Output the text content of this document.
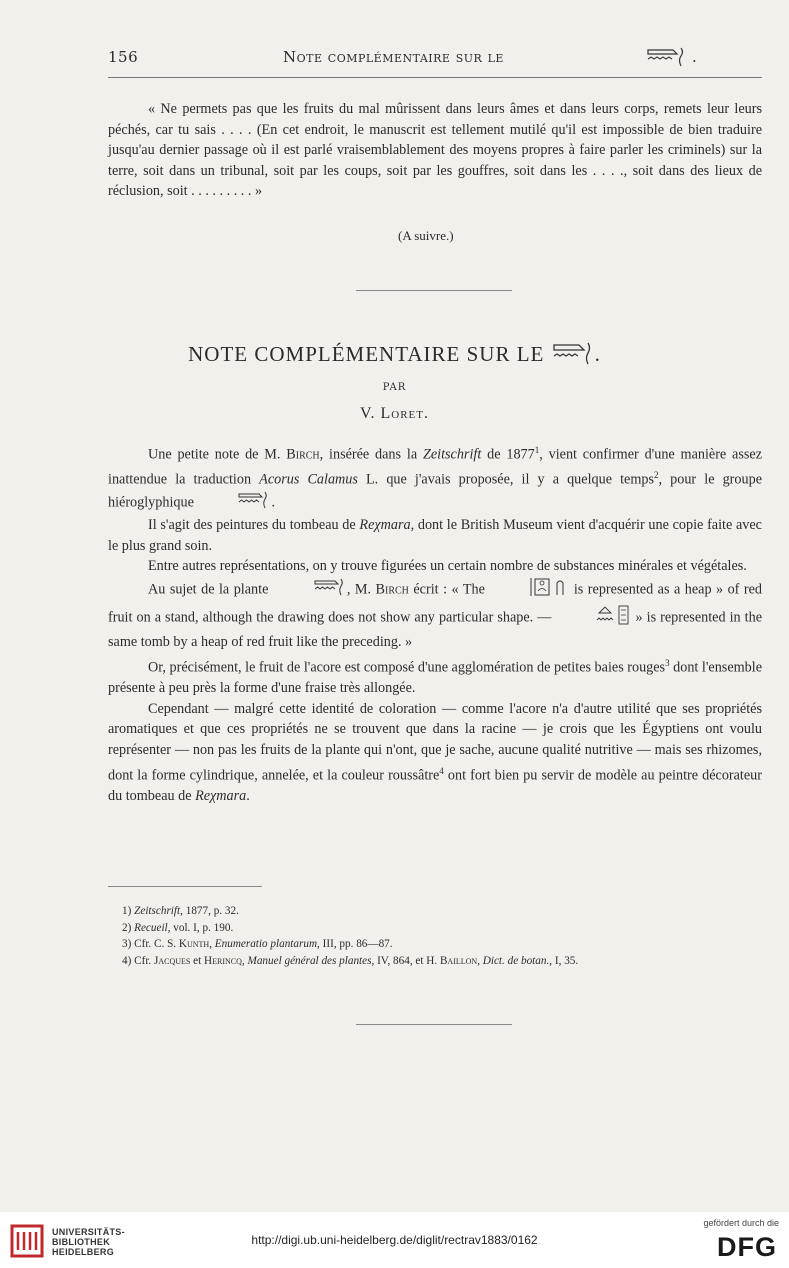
156	Note complémentaire sur le	.

« Ne permets pas que les fruits du mal mûrissent dans leurs âmes et dans leurs corps, remets leur leurs péchés, car tu sais . . . . (En cet endroit, le manuscrit est tellement mutilé qu'il est impossible de bien traduire jusqu'au dernier passage où il est parlé vraisemblablement des moyens propres à faire parler les criminels) sur la terre, soit dans un tribunal, soit par les coups, soit par les gouffres, soit dans les . . . ., soit dans des lieux de réclusion, soit . . . . . . . . . »

(A suivre.)
NOTE COMPLÉMENTAIRE SUR LE .
PAR
V. Loret.

Une petite note de M. Birch, insérée dans la Zeitschrift de 1877$^1$, vient confirmer d'une manière assez inattendue la traduction Acorus Calamus L. que j'avais proposée, il y a quelque temps$^2$, pour le groupe hiéroglyphique	.

Il s'agit des peintures du tombeau de Reχmara, dont le British Museum vient d'acquérir une copie faite avec le plus grand soin.

Entre autres représentations, on y trouve figurées un certain nombre de substances minérales et végétales.

Au sujet de la plante	, M. Birch écrit : « The	is represented as a heap » of red fruit on a stand, although the drawing does not show any particular shape. —	» is represented in the same tomb by a heap of red fruit like the preceding. »

Or, précisément, le fruit de l'acore est composé d'une agglomération de petites baies rouges$^3$ dont l'ensemble présente à peu près la forme d'une fraise très allongée.

Cependant — malgré cette identité de coloration — comme l'acore n'a d'autre utilité que ses propriétés aromatiques et que ces propriétés ne se trouvent que dans la racine — je crois que les Égyptiens ont voulu représenter — non pas les fruits de la plante qui n'ont, que je sache, aucune qualité nutritive — mais ses rhizomes, dont la forme cylindrique, annelée, et la couleur roussâtre$^4$ ont fort bien pu servir de modèle au peintre décorateur du tombeau de Reχmara.

1) Zeitschrift, 1877, p. 32.
2) Recueil, vol. I, p. 190.
3) Cfr. C. S. Kunth, Enumeratio plantarum, III, pp. 86—87.
4) Cfr. Jacques et Herincq, Manuel général des plantes, IV, 864, et H. Baillon, Dict. de botan., I, 35.
UNIVERSITÄTS-
BIBLIOTHEK
HEIDELBERG
http://digi.ub.uni-heidelberg.de/diglit/rectrav1883/0162
gefördert durch die
DFG
